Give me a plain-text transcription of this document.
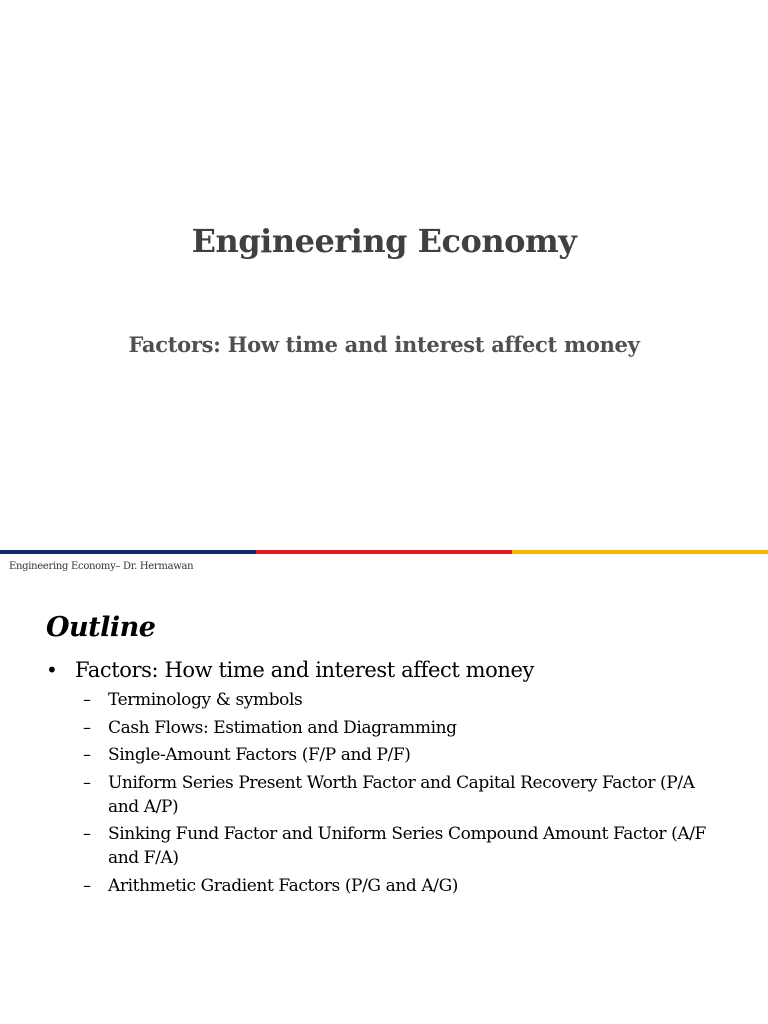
Engineering Economy
Factors: How time and interest affect money
Engineering Economy– Dr. Hermawan
Outline
• Factors: How time and interest affect money
–	Terminology & symbols
–	Cash Flows: Estimation and Diagramming
–	Single-Amount Factors (F/P and P/F)
–	Uniform Series Present Worth Factor and Capital Recovery Factor (P/A and A/P)
–	Sinking Fund Factor and Uniform Series Compound Amount Factor (A/F and F/A)
–	Arithmetic Gradient Factors (P/G and A/G)
